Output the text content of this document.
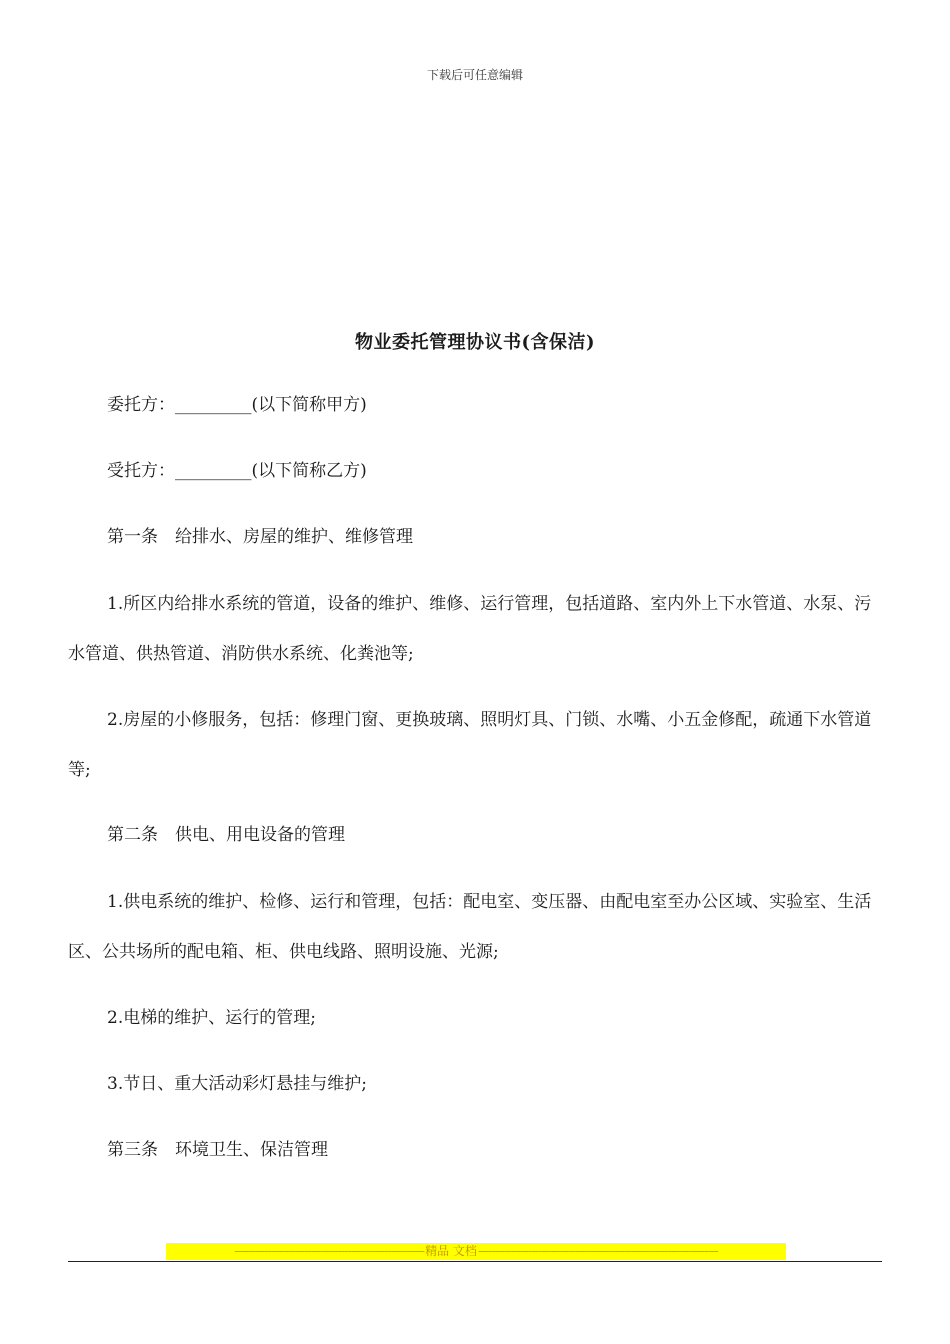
下载后可任意编辑
物业委托管理协议书(含保洁)

委托方：_________(以下简称甲方)

受托方：_________(以下简称乙方)

第一条　给排水、房屋的维护、维修管理

1.所区内给排水系统的管道，设备的维护、维修、运行管理，包括道路、室内外上下水管道、水泵、污水管道、供热管道、消防供水系统、化粪池等;

2.房屋的小修服务，包括：修理门窗、更换玻璃、照明灯具、门锁、水嘴、小五金修配，疏通下水管道等;

第二条　供电、用电设备的管理

1.供电系统的维护、检修、运行和管理，包括：配电室、变压器、由配电室至办公区域、实验室、生活区、公共场所的配电箱、柜、供电线路、照明设施、光源;

2.电梯的维护、运行的管理;

3.节日、重大活动彩灯悬挂与维护;

第三条　环境卫生、保洁管理

---------------------------------------------------------精品 文档------------------------------------------------------------------------
